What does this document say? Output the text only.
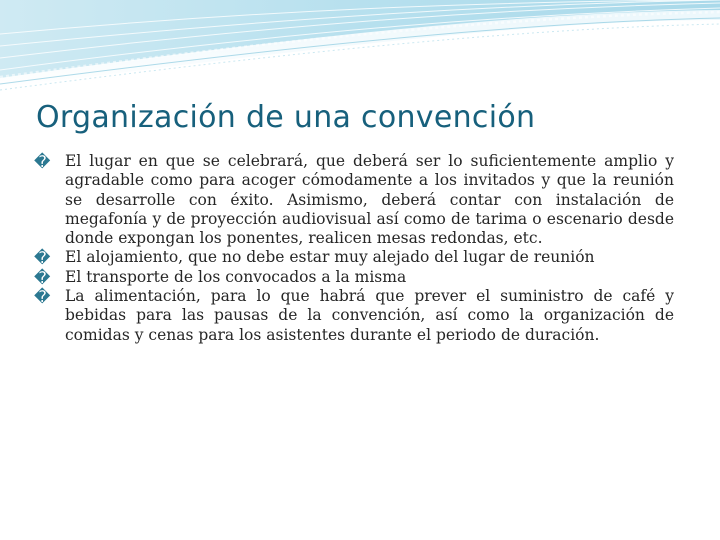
Organización de una convención
� El lugar en que se celebrará, que deberá ser lo suficientemente amplio y agradable como para acoger cómodamente a los invitados y que la reunión se desarrolle con éxito. Asimismo, deberá contar con instalación de megafonía y de proyección audiovisual así como de tarima o escenario desde donde expongan los ponentes, realicen mesas redondas, etc.
� El alojamiento, que no debe estar muy alejado del lugar de reunión
� El transporte de los convocados a la misma
� La alimentación, para lo que habrá que prever el suministro de café y bebidas para las pausas de la convención, así como la organización de comidas y cenas para los asistentes durante el periodo de duración.
